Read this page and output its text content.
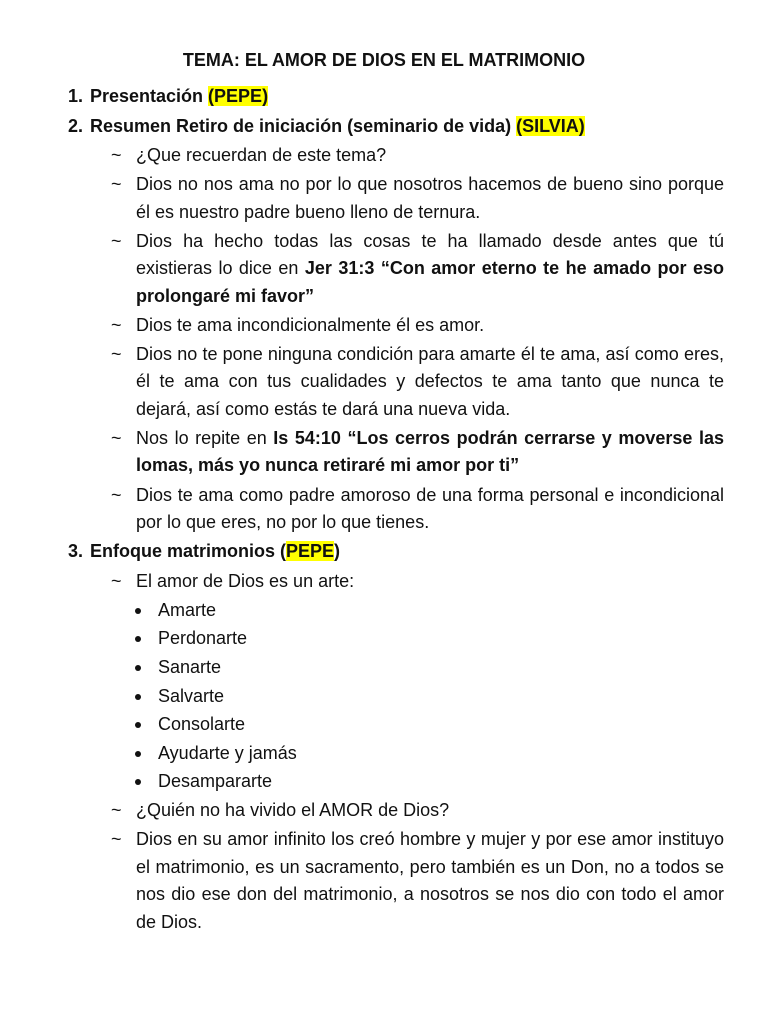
TEMA: EL AMOR DE DIOS EN EL MATRIMONIO
1. Presentación (PEPE)
2. Resumen Retiro de iniciación (seminario de vida) (SILVIA)
~ ¿Que recuerdan de este tema?
~ Dios no nos ama no por lo que nosotros hacemos de bueno sino porque él es nuestro padre bueno lleno de ternura.
~ Dios ha hecho todas las cosas te ha llamado desde antes que tú existieras lo dice en Jer 31:3 “Con amor eterno te he amado por eso prolongaré mi favor”
~ Dios te ama incondicionalmente él es amor.
~ Dios no te pone ninguna condición para amarte él te ama, así como eres, él te ama con tus cualidades y defectos te ama tanto que nunca te dejará, así como estás te dará una nueva vida.
~ Nos lo repite en Is 54:10 “Los cerros podrán cerrarse y moverse las lomas, más yo nunca retiraré mi amor por ti”
~ Dios te ama como padre amoroso de una forma personal e incondicional por lo que eres, no por lo que tienes.
3. Enfoque matrimonios (PEPE)
~ El amor de Dios es un arte:
Amarte
Perdonarte
Sanarte
Salvarte
Consolarte
Ayudarte y jamás
Desampararte
~ ¿Quién no ha vivido el AMOR de Dios?
~ Dios en su amor infinito los creó hombre y mujer y por ese amor instituyo el matrimonio, es un sacramento, pero también es un Don, no a todos se nos dio ese don del matrimonio, a nosotros se nos dio con todo el amor de Dios.
